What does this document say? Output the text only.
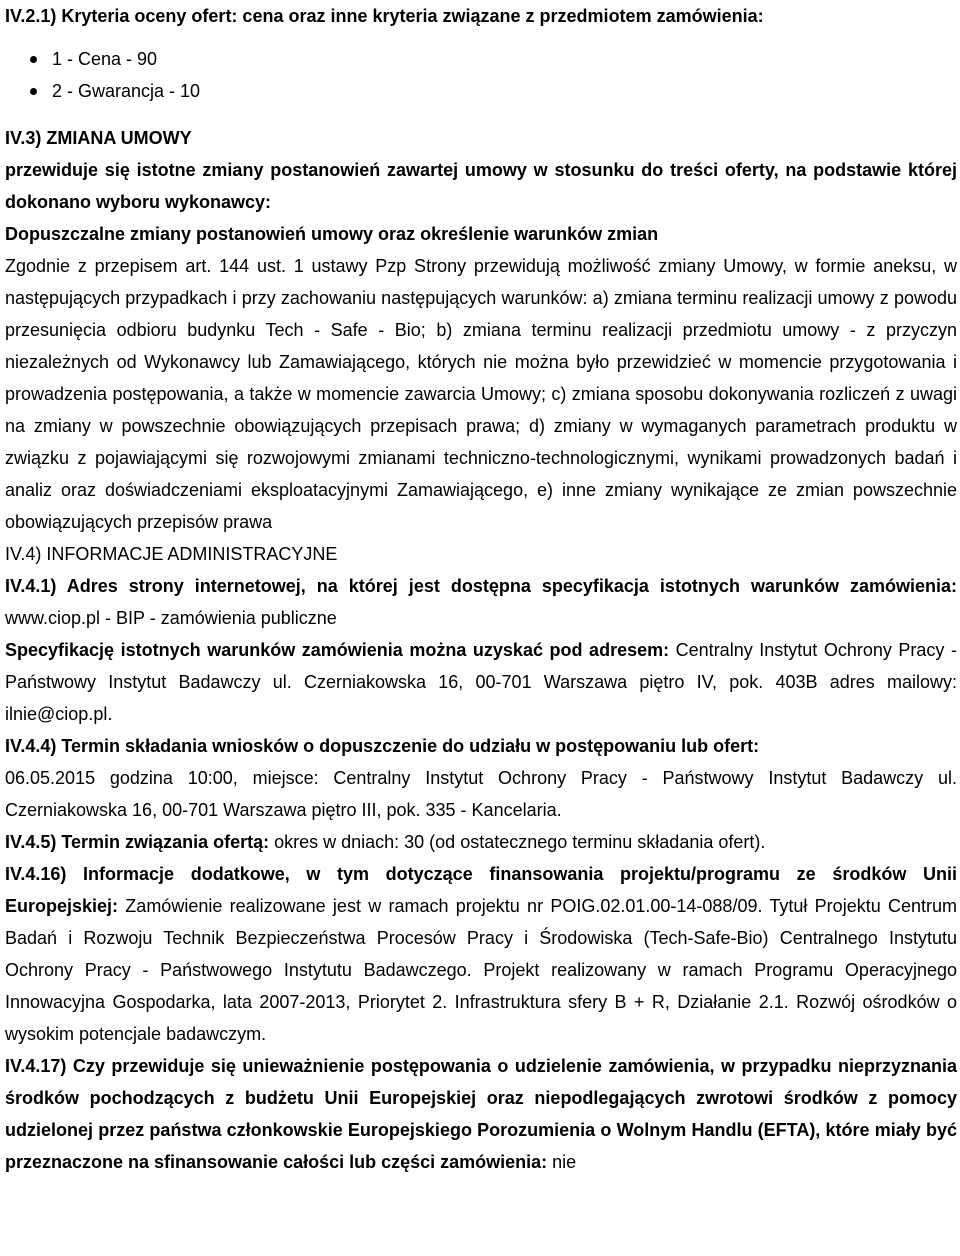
IV.2.1) Kryteria oceny ofert: cena oraz inne kryteria związane z przedmiotem zamówienia:

1 - Cena - 90
2 - Gwarancja - 10

IV.3) ZMIANA UMOWY

przewiduje się istotne zmiany postanowień zawartej umowy w stosunku do treści oferty, na podstawie której dokonano wyboru wykonawcy:

Dopuszczalne zmiany postanowień umowy oraz określenie warunków zmian

Zgodnie z przepisem art. 144 ust. 1 ustawy Pzp Strony przewidują możliwość zmiany Umowy, w formie aneksu, w następujących przypadkach i przy zachowaniu następujących warunków: a) zmiana terminu realizacji umowy z powodu przesunięcia odbioru budynku Tech - Safe - Bio; b) zmiana terminu realizacji przedmiotu umowy - z przyczyn niezależnych od Wykonawcy lub Zamawiającego, których nie można było przewidzieć w momencie przygotowania i prowadzenia postępowania, a także w momencie zawarcia Umowy; c) zmiana sposobu dokonywania rozliczeń z uwagi na zmiany w powszechnie obowiązujących przepisach prawa; d) zmiany w wymaganych parametrach produktu w związku z pojawiającymi się rozwojowymi zmianami techniczno-technologicznymi, wynikami prowadzonych badań i analiz oraz doświadczeniami eksploatacyjnymi Zamawiającego, e) inne zmiany wynikające ze zmian powszechnie obowiązujących przepisów prawa

IV.4) INFORMACJE ADMINISTRACYJNE

IV.4.1) Adres strony internetowej, na której jest dostępna specyfikacja istotnych warunków zamówienia: www.ciop.pl - BIP - zamówienia publiczne

Specyfikację istotnych warunków zamówienia można uzyskać pod adresem: Centralny Instytut Ochrony Pracy - Państwowy Instytut Badawczy ul. Czerniakowska 16, 00-701 Warszawa piętro IV, pok. 403B adres mailowy: ilnie@ciop.pl.

IV.4.4) Termin składania wniosków o dopuszczenie do udziału w postępowaniu lub ofert:
06.05.2015 godzina 10:00, miejsce: Centralny Instytut Ochrony Pracy - Państwowy Instytut Badawczy ul. Czerniakowska 16, 00-701 Warszawa piętro III, pok. 335 - Kancelaria.

IV.4.5) Termin związania ofertą: okres w dniach: 30 (od ostatecznego terminu składania ofert).

IV.4.16) Informacje dodatkowe, w tym dotyczące finansowania projektu/programu ze środków Unii Europejskiej: Zamówienie realizowane jest w ramach projektu nr POIG.02.01.00-14-088/09. Tytuł Projektu Centrum Badań i Rozwoju Technik Bezpieczeństwa Procesów Pracy i Środowiska (Tech-Safe-Bio) Centralnego Instytutu Ochrony Pracy - Państwowego Instytutu Badawczego. Projekt realizowany w ramach Programu Operacyjnego Innowacyjna Gospodarka, lata 2007-2013, Priorytet 2. Infrastruktura sfery B + R, Działanie 2.1. Rozwój ośrodków o wysokim potencjale badawczym.

IV.4.17) Czy przewiduje się unieważnienie postępowania o udzielenie zamówienia, w przypadku nieprzyznania środków pochodzących z budżetu Unii Europejskiej oraz niepodlegających zwrotowi środków z pomocy udzielonej przez państwa członkowskie Europejskiego Porozumienia o Wolnym Handlu (EFTA), które miały być przeznaczone na sfinansowanie całości lub części zamówienia: nie
